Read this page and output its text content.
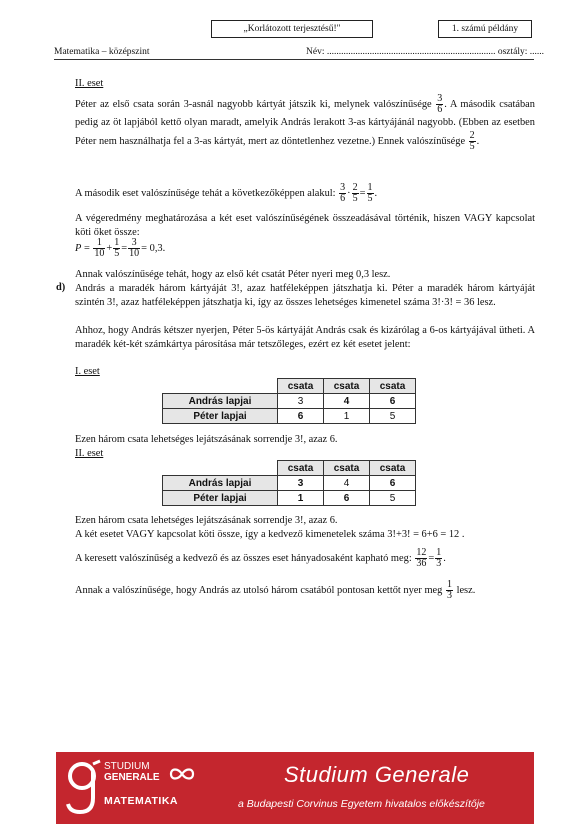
„Korlátozott terjesztésű!"	1. számú példány
Matematika – középszint	Név: ....................................................................... osztály: ......
II. eset
Péter az első csata során 3-asnál nagyobb kártyát játszik ki, melynek valószínűsége $\frac{3}{6}$ . A második csatában pedig az öt lapjából kettő olyan maradt, amelyik András lerakott 3-as kártyájánál nagyobb. (Ebben az esetben Péter nem használhatja fel a 3-as kártyát, mert az döntetlenhez vezetne.) Ennek valószínűsége $\frac{2}{5}$ .
A második eset valószínűsége tehát a következőképpen alakul: $\frac{3}{6} \cdot \frac{2}{5} = \frac{1}{5}$ .
A végeredmény meghatározása a két eset valószínűségének összeadásával történik, hiszen VAGY kapcsolat köti őket össze:
$P = \frac{1}{10} + \frac{1}{5} = \frac{3}{10} = 0,3$.
Annak valószínűsége tehát, hogy az első két csatát Péter nyeri meg 0,3 lesz.
d) András a maradék három kártyáját 3!, azaz hatféleképpen játszhatja ki. Péter a maradék három kártyáját szintén 3!, azaz hatféleképpen játszhatja ki, így az összes lehetséges kimenetel száma 3!·3! = 36 lesz.
Ahhoz, hogy András kétszer nyerjen, Péter 5-ös kártyáját András csak és kizárólag a 6-os kártyájával ütheti. A maradék két-két számkártya párosítása már tetszőleges, ezért ez két esetet jelent:
I. eset
	csata	csata	csata
András lapjai	3	4	6
Péter lapjai	6	1	5
Ezen három csata lehetséges lejátszásának sorrendje 3!, azaz 6.
II. eset
	csata	csata	csata
András lapjai	3	4	6
Péter lapjai	1	6	5
Ezen három csata lehetséges lejátszásának sorrendje 3!, azaz 6.
A két esetet VAGY kapcsolat köti össze, így a kedvező kimenetelek száma 3!+3! = 6+6 = 12 .
A keresett valószínűség a kedvező és az összes eset hányadosaként kapható meg: $\frac{12}{36} = \frac{1}{3}$ .
Annak a valószínűsége, hogy András az utolsó három csatából pontosan kettőt nyer meg $\frac{1}{3}$ lesz.
STUDIUM
GENERALE
MATEMATIKA
Studium Generale
a Budapesti Corvinus Egyetem hivatalos előkészítője
